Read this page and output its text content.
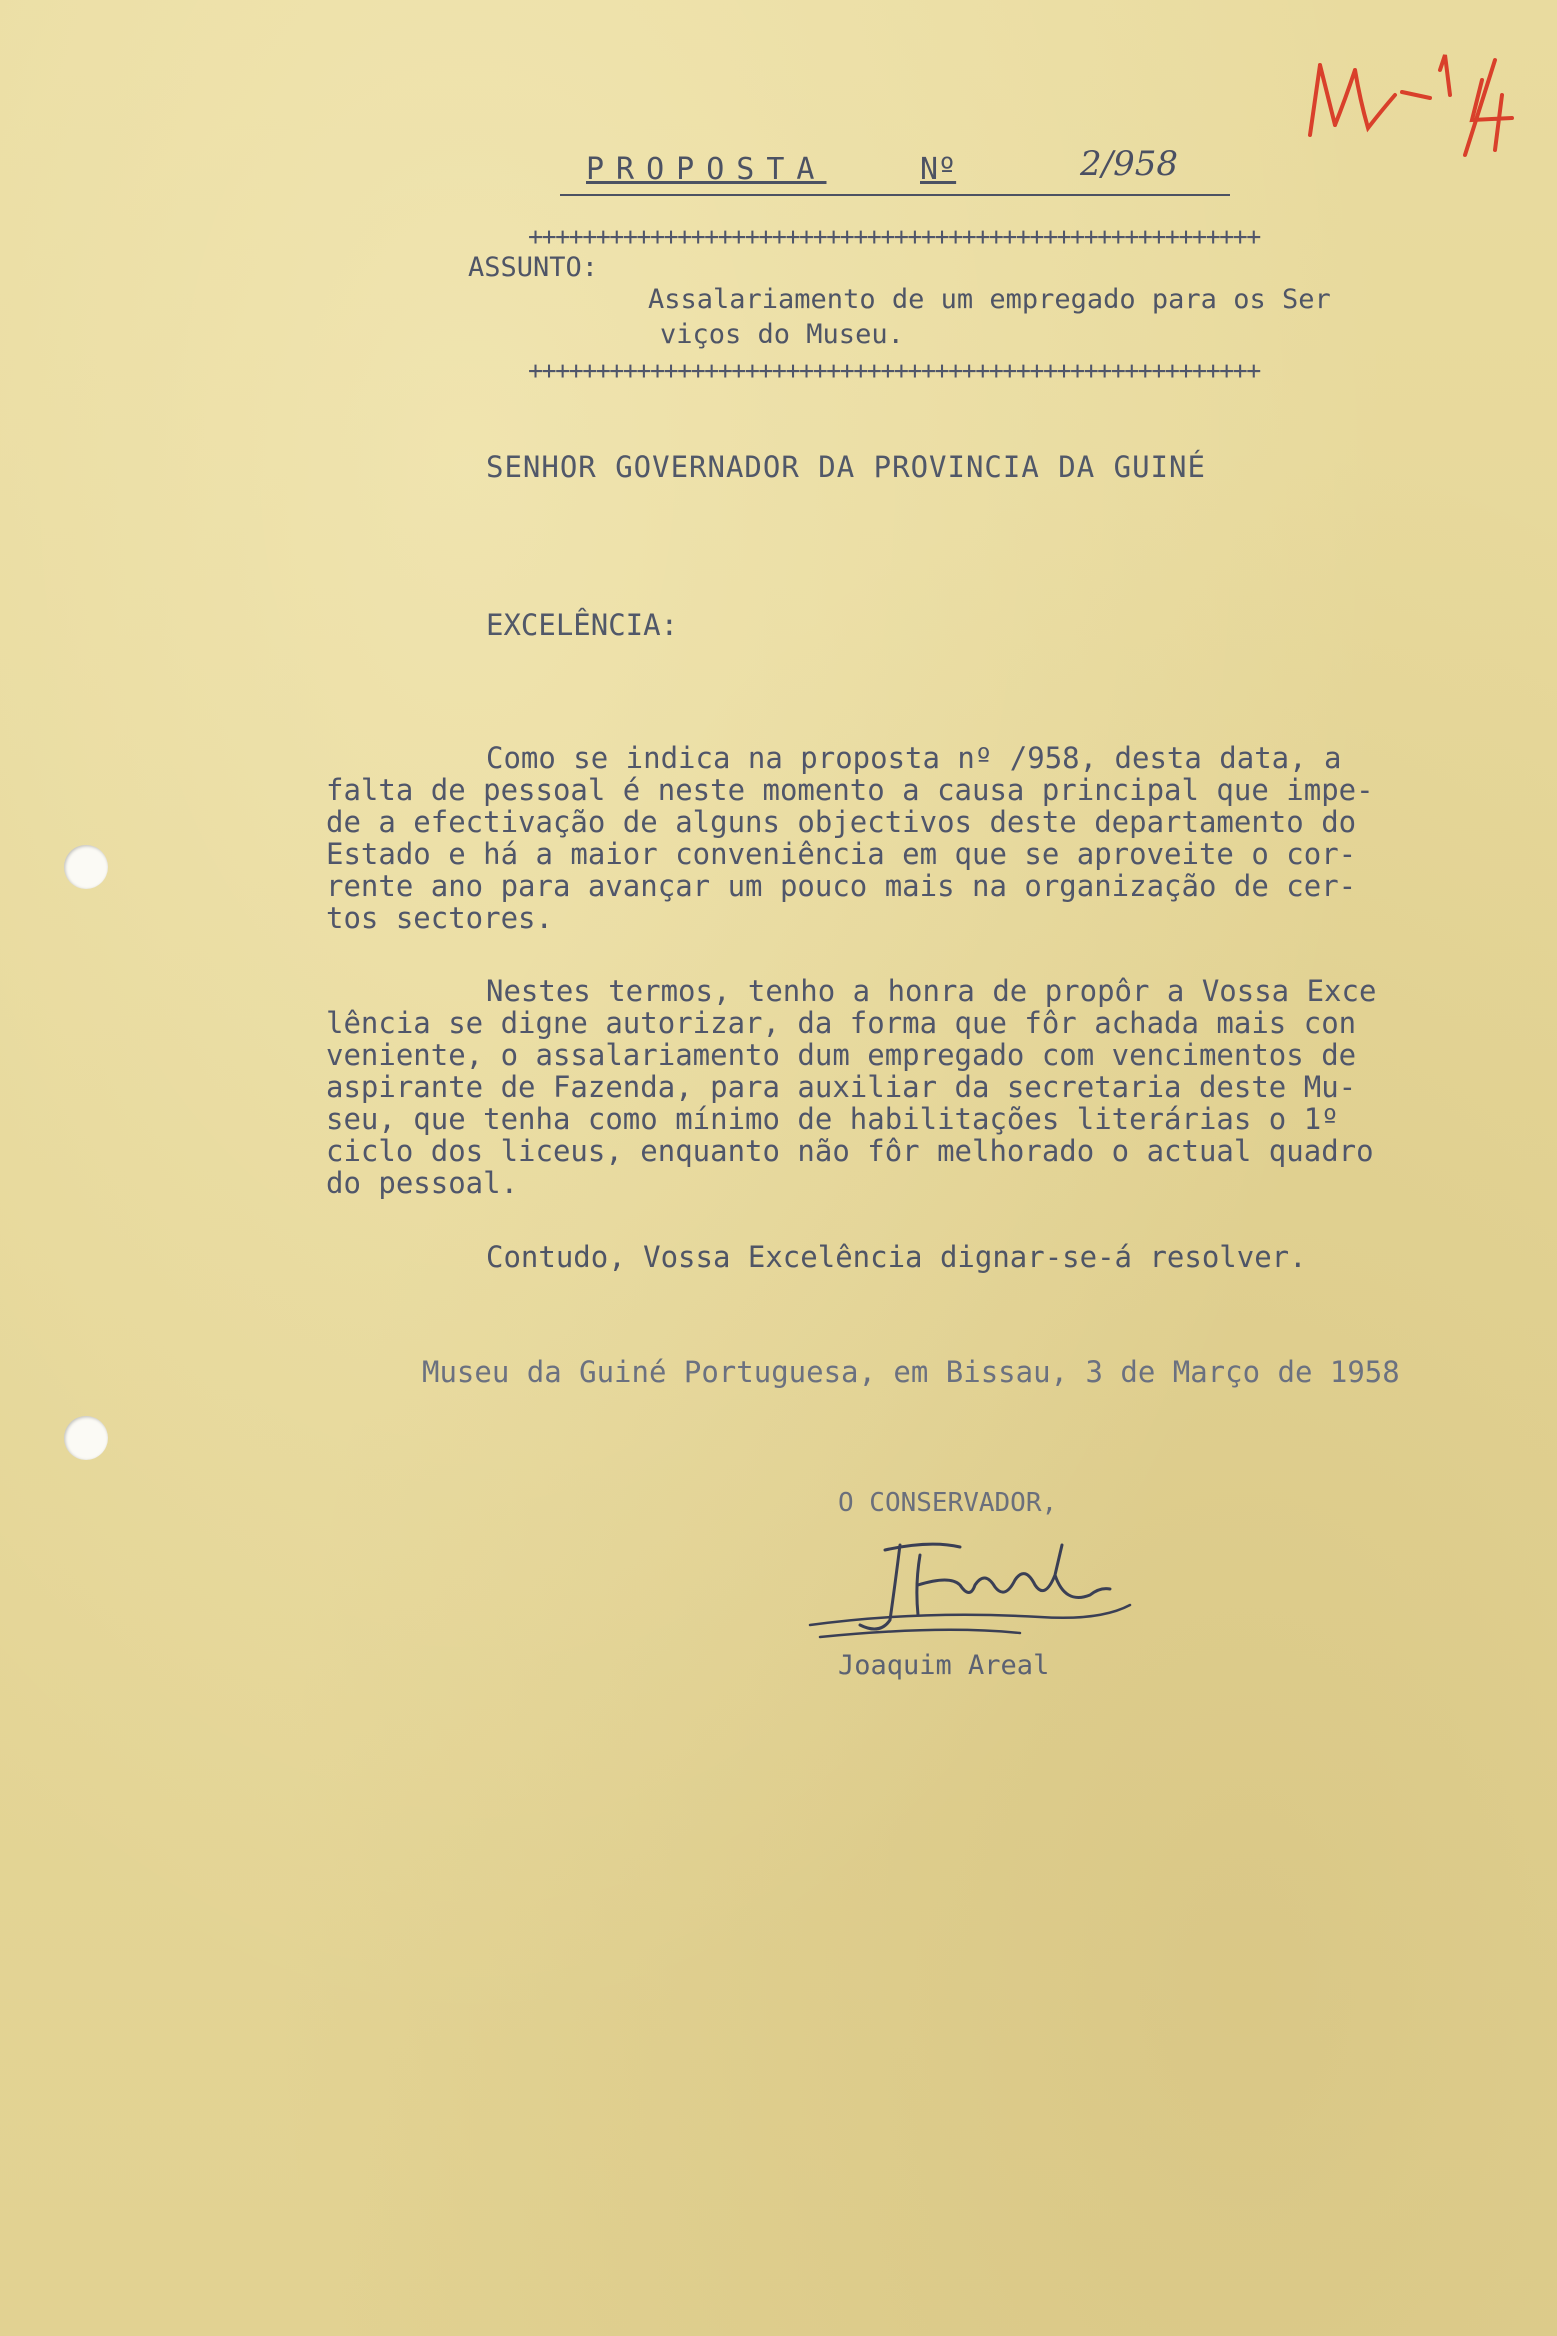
PROPOSTA	Nº	2/958
++++++++++++++++++++++++++++++++++++++++++++++++++++++
ASSUNTO:
Assalariamento de um empregado para os Ser
viços do Museu.
++++++++++++++++++++++++++++++++++++++++++++++++++++++
SENHOR GOVERNADOR DA PROVINCIA DA GUINÉ
EXCELÊNCIA:
Como se indica na proposta nº /958, desta data, a
falta de pessoal é neste momento a causa principal que impe-
de a efectivação de alguns objectivos deste departamento do
Estado e há a maior conveniência em que se aproveite o cor-
rente ano para avançar um pouco mais na organização de cer-
tos sectores.
Nestes termos, tenho a honra de propôr a Vossa Exce
lência se digne autorizar, da forma que fôr achada mais con
veniente, o assalariamento dum empregado com vencimentos de
aspirante de Fazenda, para auxiliar da secretaria deste Mu-
seu, que tenha como mínimo de habilitações literárias o 1º
ciclo dos liceus, enquanto não fôr melhorado o actual quadro
do pessoal.
Contudo, Vossa Excelência dignar-se-á resolver.
Museu da Guiné Portuguesa, em Bissau, 3 de Março de 1958
O CONSERVADOR,
Joaquim Areal
